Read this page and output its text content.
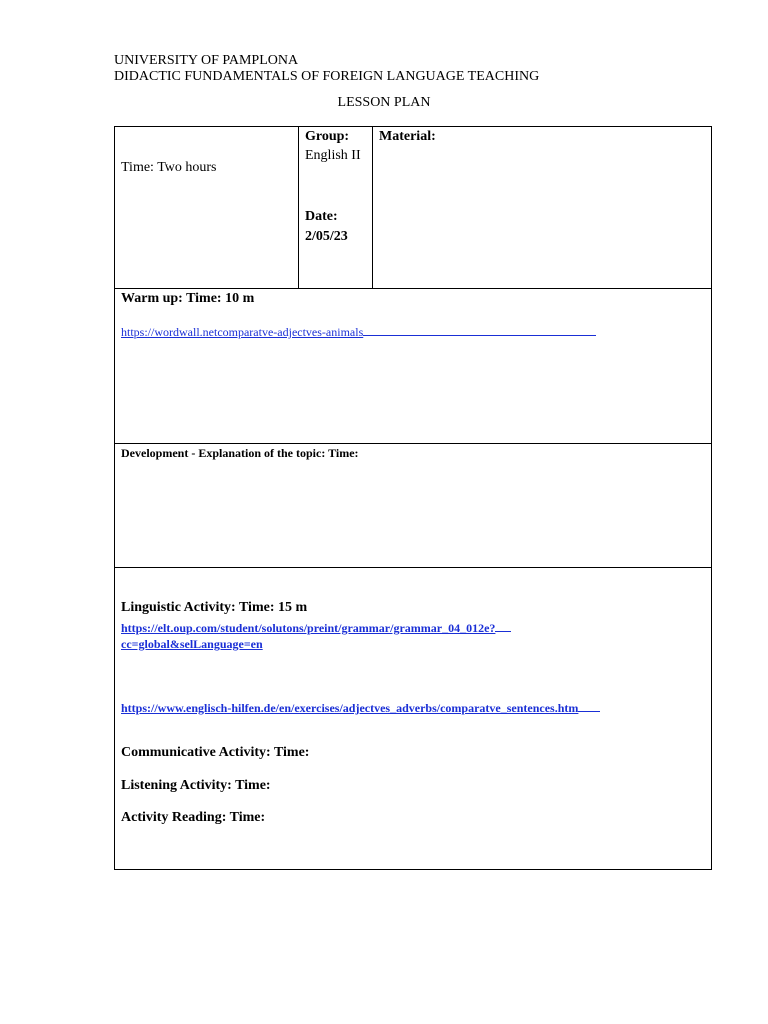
UNIVERSITY OF PAMPLONA
DIDACTIC FUNDAMENTALS OF FOREIGN LANGUAGE TEACHING
LESSON PLAN
Time: Two hours
Group:
English II
Date:
2/05/23
Material:
Warm up: Time: 10 m
https://wordwall.netcomparatve-adjectves-animals
Development - Explanation of the topic: Time:
Linguistic Activity: Time: 15 m
https://elt.oup.com/student/solutons/preint/grammar/grammar_04_012e?
cc=global&selLanguage=en
https://www.englisch-hilfen.de/en/exercises/adjectves_adverbs/comparatve_sentences.htm
Communicative Activity: Time:
Listening Activity: Time:
Activity Reading: Time:
